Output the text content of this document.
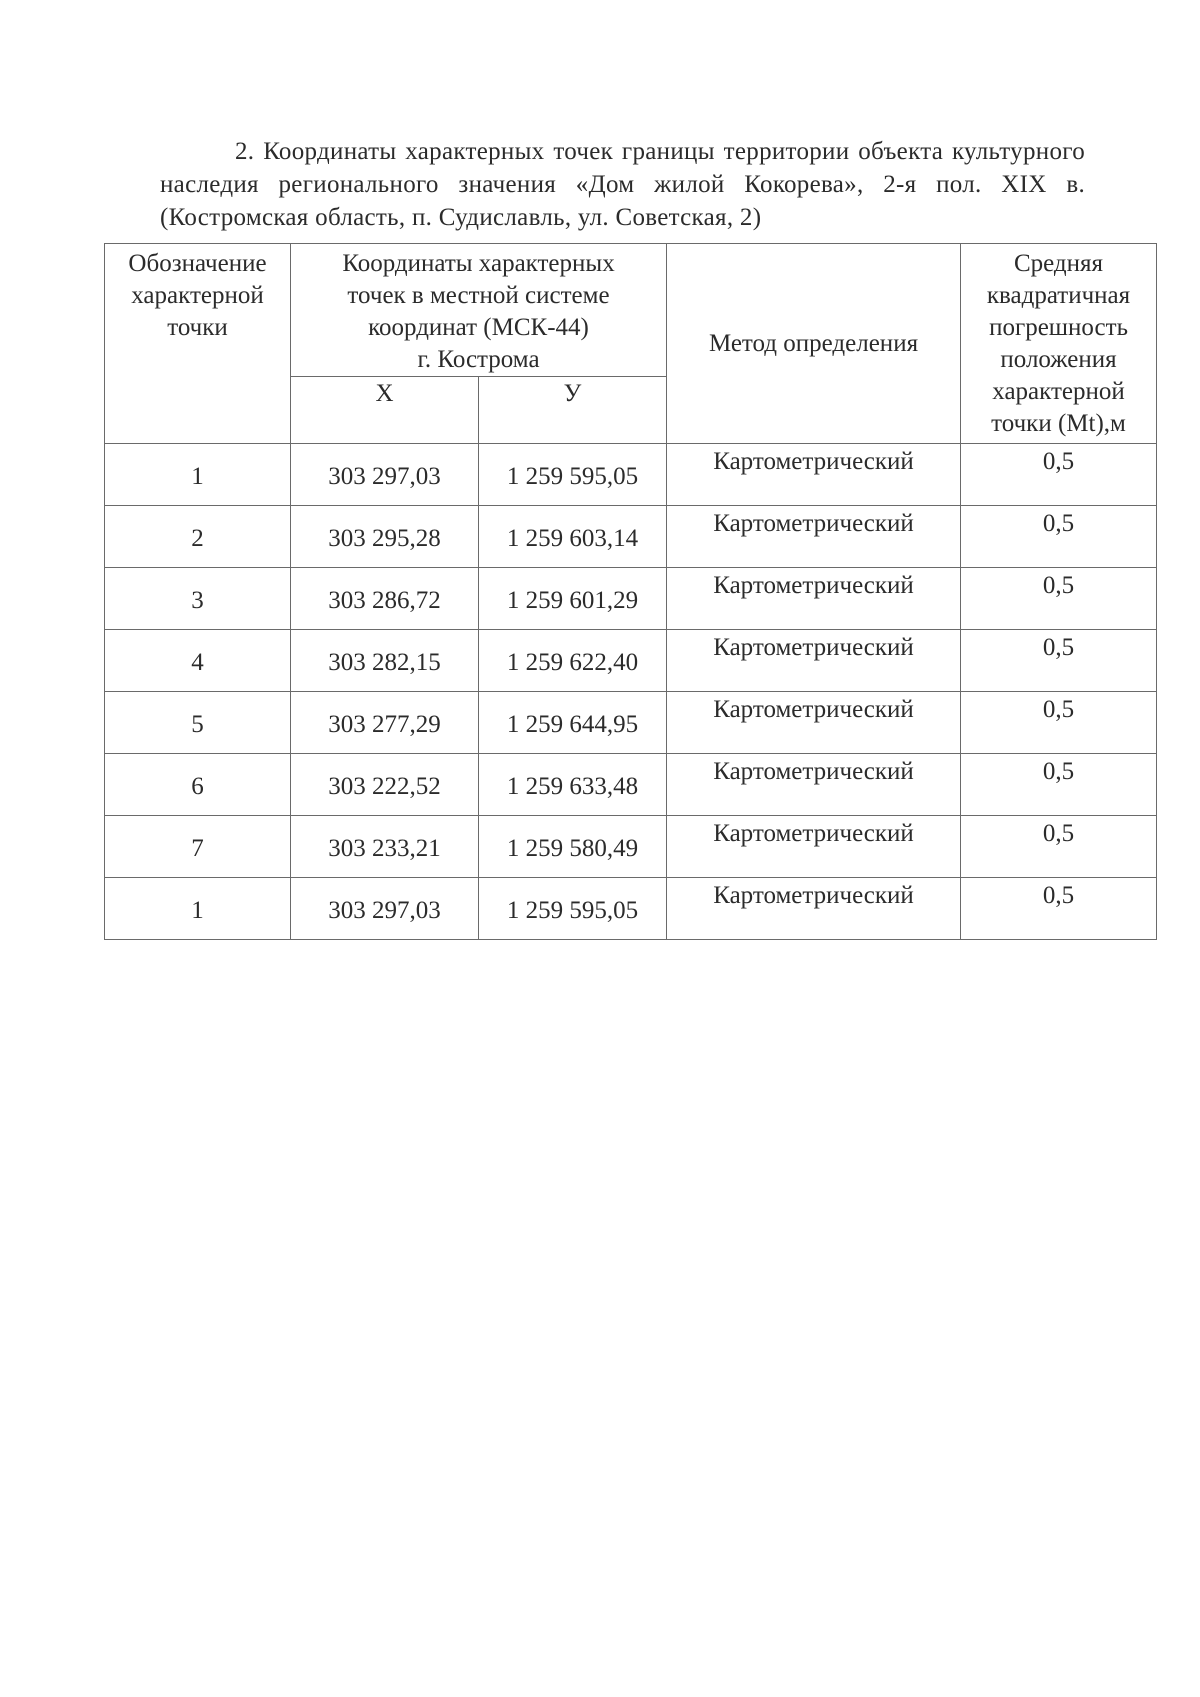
2. Координаты характерных точек границы территории объекта культурного наследия регионального значения «Дом жилой Кокорева», 2-я пол. XIX в. (Костромская область, п. Судиславль, ул. Советская, 2)

Обозначение характерной точки	Координаты характерных
точек в местной системе
координат (МСК-44)
г. Кострома		Метод определения	Средняя квадратичная погрешность положения характерной точки (Mt),м
	Х	У		
1	303 297,03	1 259 595,05	Картометрический	0,5
2	303 295,28	1 259 603,14	Картометрический	0,5
3	303 286,72	1 259 601,29	Картометрический	0,5
4	303 282,15	1 259 622,40	Картометрический	0,5
5	303 277,29	1 259 644,95	Картометрический	0,5
6	303 222,52	1 259 633,48	Картометрический	0,5
7	303 233,21	1 259 580,49	Картометрический	0,5
1	303 297,03	1 259 595,05	Картометрический	0,5
